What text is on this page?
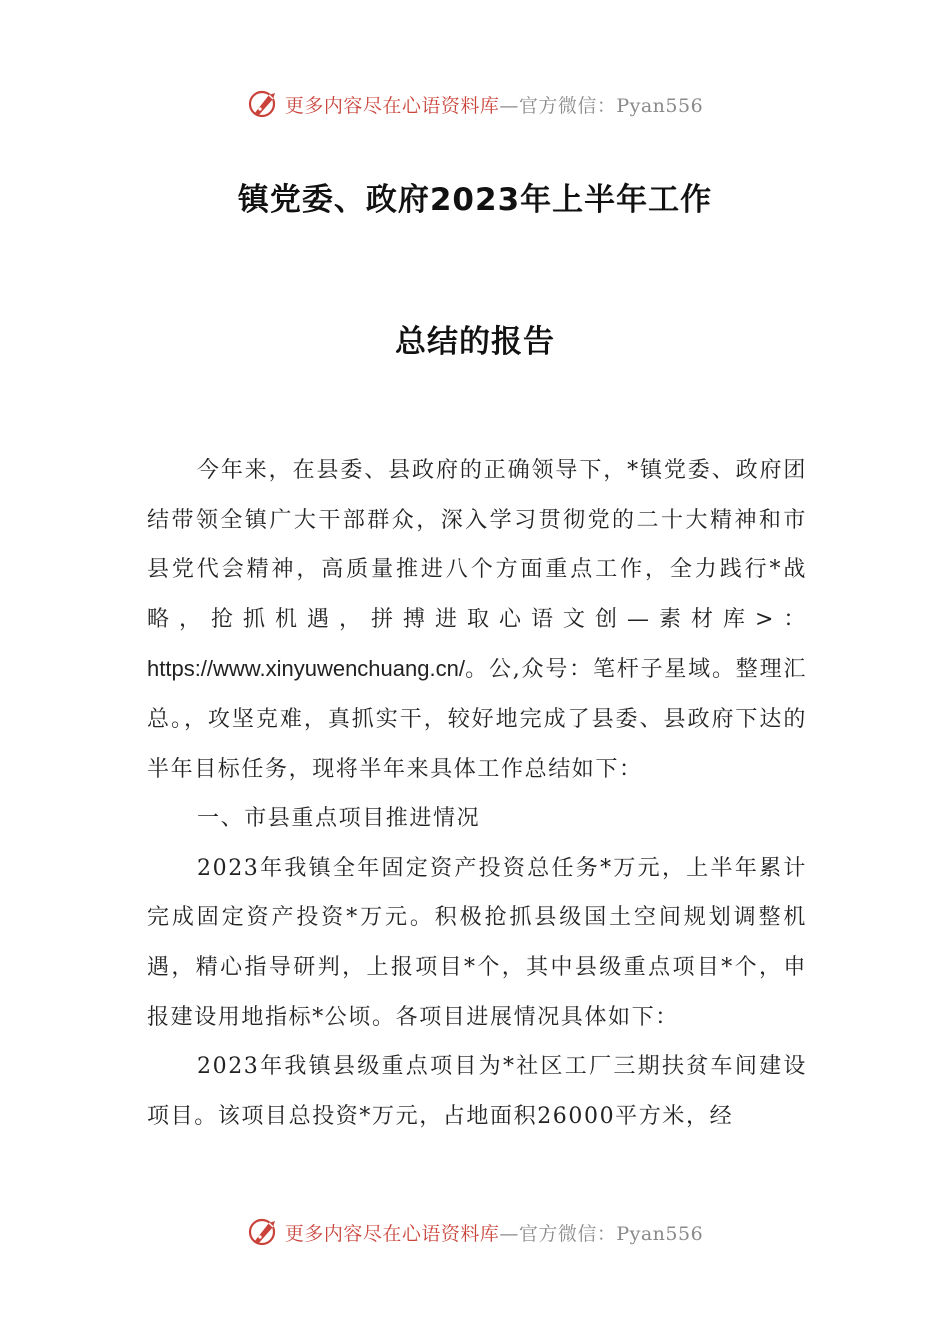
更多内容尽在心语资料库—官方微信：Pyan556
镇党委、政府2023年上半年工作
总结的报告

今年来，在县委、县政府的正确领导下，*镇党委、政府团结带领全镇广大干部群众，深入学习贯彻党的二十大精神和市县党代会精神，高质量推进八个方面重点工作，全力践行*战略，抢抓机遇，拼搏进取心语文创—素材库>：https://www.xinyuwenchuang.cn/。公,众号：笔杆子星域。整理汇总。，攻坚克难，真抓实干，较好地完成了县委、县政府下达的半年目标任务，现将半年来具体工作总结如下：

一、市县重点项目推进情况

2023年我镇全年固定资产投资总任务*万元，上半年累计完成固定资产投资*万元。积极抢抓县级国土空间规划调整机遇，精心指导研判，上报项目*个，其中县级重点项目*个，申报建设用地指标*公顷。各项目进展情况具体如下：

2023年我镇县级重点项目为*社区工厂三期扶贫车间建设项目。该项目总投资*万元，占地面积26000平方米，经

更多内容尽在心语资料库—官方微信：Pyan556
